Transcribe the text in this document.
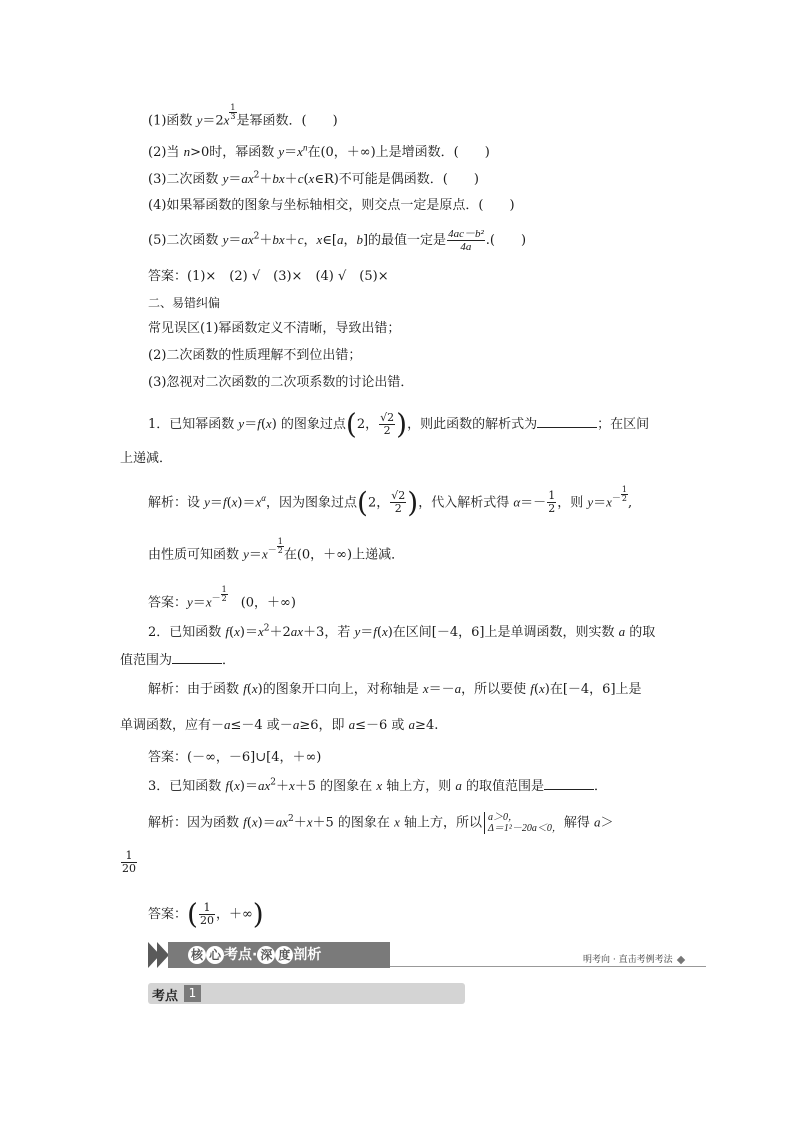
(1)函数 $y=2x \frac{1}{3}$ 是幂函数．(　　)
(2)当 n>0时，幂函数 $y=x^n$在(0，＋∞)上是增函数．(　　)
(3)二次函数 $y=ax^2+bx+c(x\in R)$不可能是偶函数．(　　)
(4)如果幂函数的图象与坐标轴相交，则交点一定是原点．(　　)
(5)二次函数 $y=ax^2+bx+c$，x∈[a，b]的最值一定是 $\frac{\text{4ac－b²}}{4a}$ .(　　)
答案：(1)×　(2) √　(3)×　(4) √　(5)×
二、易错纠偏
常见误区(1)幂函数定义不清晰，导致出错；
(2)二次函数的性质理解不到位出错；
(3)忽视对二次函数的二次项系数的讨论出错．
1．已知幂函数 y＝f(x) 的图象过点(2， $\frac{√2}{2}$ )，则此函数的解析式为	；在区间
上递减．
解析：设 $y=f(x)=x^\alpha$，因为图象过点(2， $\frac{√2}{2}$ )，代入解析式得 $\alpha=- \frac{1}{2}$ ，则 $y=x^- \frac{1}{2}$ ,
由性质可知函数 $y=x^- \frac{1}{2}$ 在(0，＋∞)上递减．
答案：$y=x^- \frac{1}{2}$ 　(0，＋∞)
2．已知函数 $f(x)=x^2+2ax+3$，若 y＝f(x)在区间[－4，6]上是单调函数，则实数 a 的取
值范围为	．
解析：由于函数 f(x)的图象开口向上，对称轴是 x＝－a，所以要使 f(x)在[－4，6]上是
单调函数，应有－a≤－4 或－a≥6，即 a≤－6 或 a≥4.
答案：(－∞，－6]∪[4，＋∞)
3．已知函数 $f(x)=ax^2+x+5$ 的图象在 x 轴上方，则 a 的取值范围是	．
解析：因为函数 $f(x)=ax^2+x+5$ 的图象在 x 轴上方，所以 a＞0，
Δ＝1²－20a＜0， 解得 a＞
$\frac{1}{20}$
答案：( $\frac{1}{20}$ ，＋∞)
核 心 考点· 深 度 剖析	明考向 · 直击考例考法
考点 1
